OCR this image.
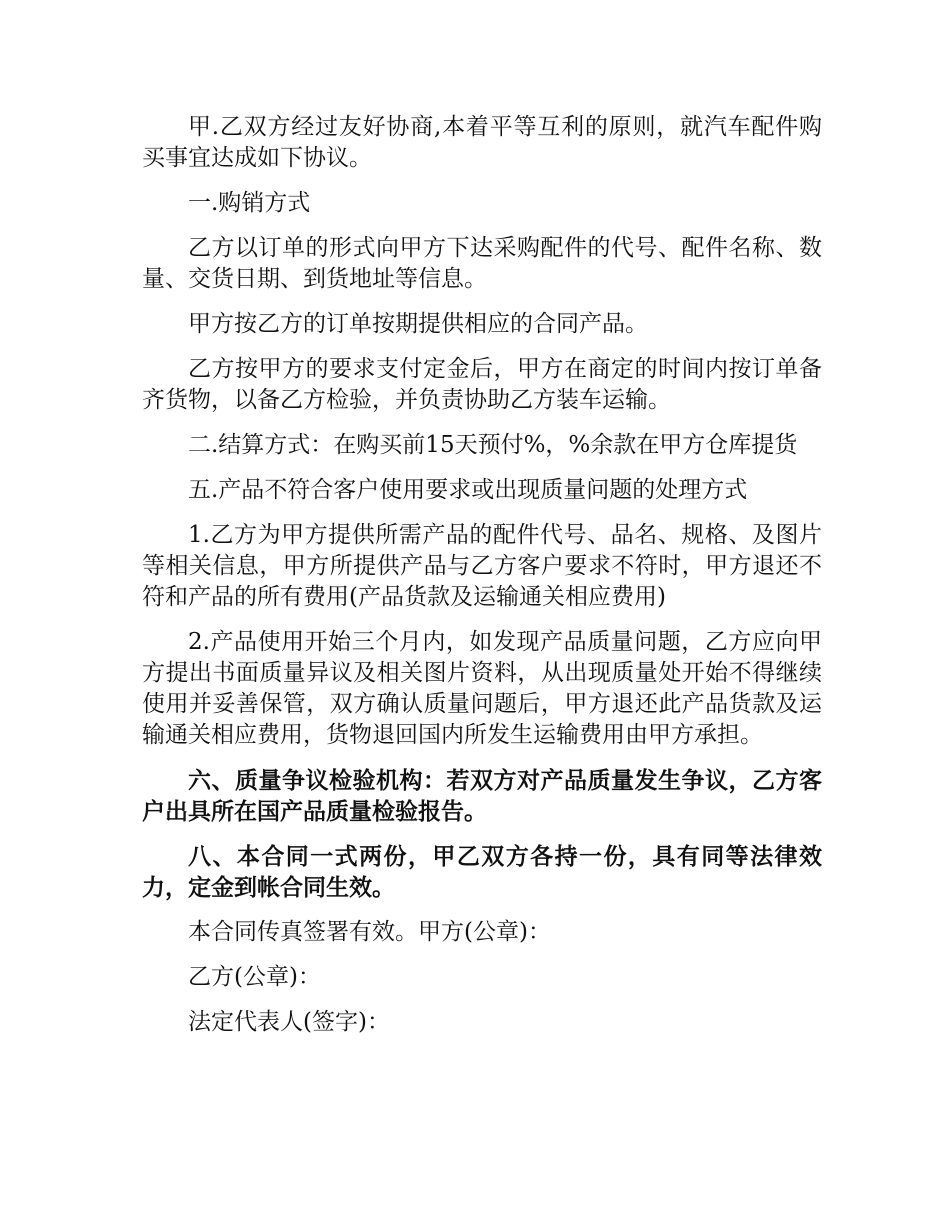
甲.乙双方经过友好协商,本着平等互利的原则，就汽车配件购买事宜达成如下协议。

一.购销方式

乙方以订单的形式向甲方下达采购配件的代号、配件名称、数量、交货日期、到货地址等信息。

甲方按乙方的订单按期提供相应的合同产品。

乙方按甲方的要求支付定金后，甲方在商定的时间内按订单备齐货物，以备乙方检验，并负责协助乙方装车运输。

二.结算方式：在购买前15天预付%，%余款在甲方仓库提货

五.产品不符合客户使用要求或出现质量问题的处理方式

1.乙方为甲方提供所需产品的配件代号、品名、规格、及图片等相关信息，甲方所提供产品与乙方客户要求不符时，甲方退还不符和产品的所有费用(产品货款及运输通关相应费用)

2.产品使用开始三个月内，如发现产品质量问题，乙方应向甲方提出书面质量异议及相关图片资料，从出现质量处开始不得继续使用并妥善保管，双方确认质量问题后，甲方退还此产品货款及运输通关相应费用，货物退回国内所发生运输费用由甲方承担。

六、质量争议检验机构：若双方对产品质量发生争议，乙方客户出具所在国产品质量检验报告。

八、本合同一式两份，甲乙双方各持一份，具有同等法律效力，定金到帐合同生效。

本合同传真签署有效。甲方(公章)：

乙方(公章)：

法定代表人(签字)：
